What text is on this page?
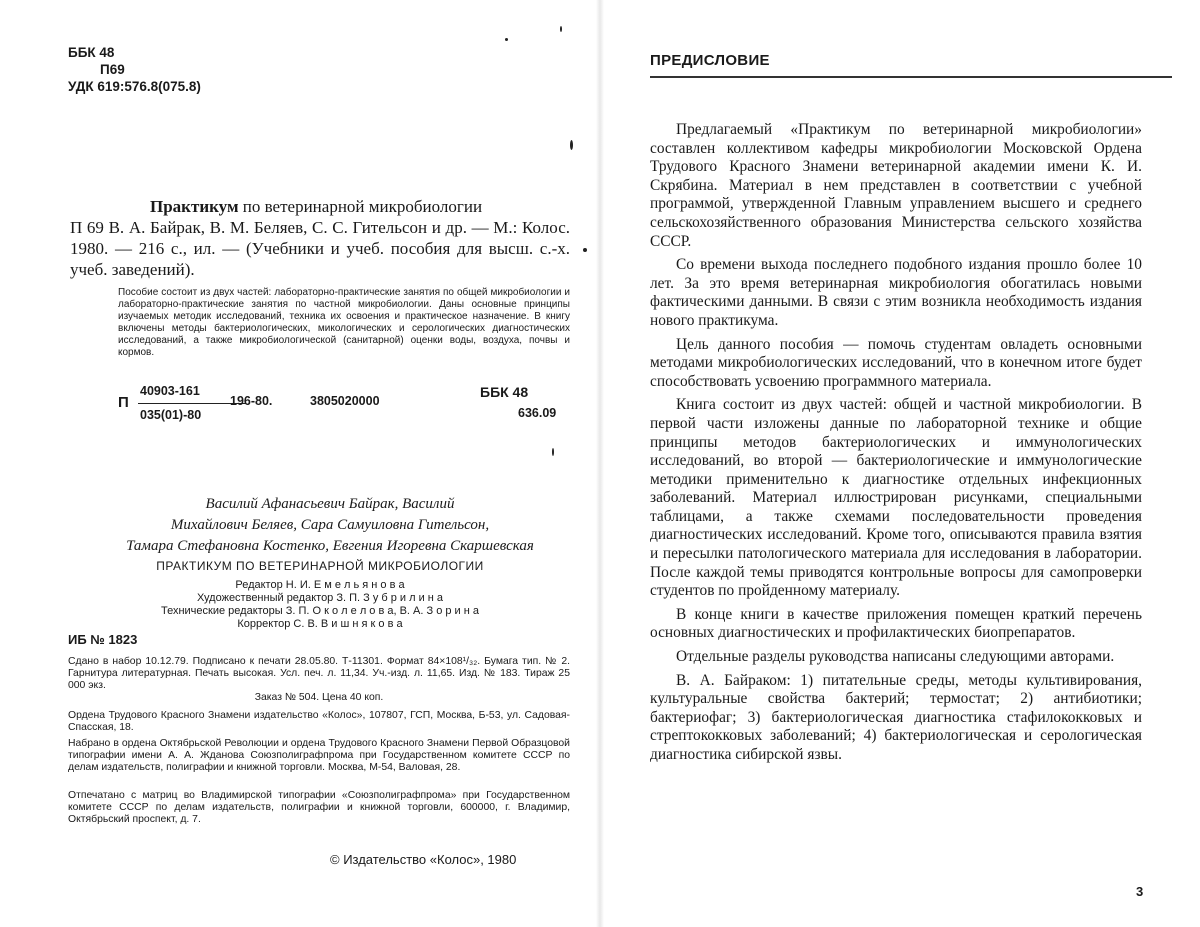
ББК 48
П69
УДК 619:576.8(075.8)
Практикум по ветеринарной микробиологии
П 69 В. А. Байрак, В. М. Беляев, С. С. Гительсон и др. — М.: Колос. 1980. — 216 с., ил. — (Учебники и учеб. пособия для высш. с.-х. учеб. заведений).
Пособие состоит из двух частей: лабораторно-практические занятия по общей микробиологии и лабораторно-практические занятия по частной микробиологии. Даны основные принципы изучаемых методик исследований, техника их освоения и практическое назначение. В книгу включены методы бактериологических, микологических и серологических диагностических исследований, а также микробиологической (санитарной) оценки воды, воздуха, почвы и кормов.
П
40903-161
035(01)-80
196-80.	3805020000
ББК 48
636.09
Василий Афанасьевич Байрак, Василий
Михайлович Беляев, Сара Самуиловна Гительсон,
Тамара Стефановна Костенко, Евгения Игоревна Скаршевская
ПРАКТИКУМ ПО ВЕТЕРИНАРНОЙ МИКРОБИОЛОГИИ
Редактор Н. И. Е м е л ь я н о в а
Художественный редактор З. П. З у б р и л и н а
Технические редакторы З. П. О к о л е л о в а, В. А. З о р и н а
Корректор С. В. В и ш н я к о в а
ИБ № 1823
Сдано в набор 10.12.79. Подписано к печати 28.05.80. Т-11301. Формат 84×108¹/₃₂. Бумага тип. № 2. Гарнитура литературная. Печать высокая. Усл. печ. л. 11,34. Уч.-изд. л. 11,65. Изд. № 183. Тираж 25 000 экз.
Заказ № 504. Цена 40 коп.
Ордена Трудового Красного Знамени издательство «Колос», 107807, ГСП, Москва, Б-53, ул. Садовая-Спасская, 18.
Набрано в ордена Октябрьской Революции и ордена Трудового Красного Знамени Первой Образцовой типографии имени А. А. Жданова Союзполиграфпрома при Государственном комитете СССР по делам издательств, полиграфии и книжной торговли. Москва, М-54, Валовая, 28.
Отпечатано с матриц во Владимирской типографии «Союзполиграфпрома» при Государственном комитете СССР по делам издательств, полиграфии и книжной торговли, 600000, г. Владимир, Октябрьский проспект, д. 7.
© Издательство «Колос», 1980
ПРЕДИСЛОВИЕ

Предлагаемый «Практикум по ветеринарной микробиологии» составлен коллективом кафедры микробиологии Московской Ордена Трудового Красного Знамени ветеринарной академии имени К. И. Скрябина. Материал в нем представлен в соответствии с учебной программой, утвержденной Главным управлением высшего и среднего сельскохозяйственного образования Министерства сельского хозяйства СССР.

Со времени выхода последнего подобного издания прошло более 10 лет. За это время ветеринарная микробиология обогатилась новыми фактическими данными. В связи с этим возникла необходимость издания нового практикума.

Цель данного пособия — помочь студентам овладеть основными методами микробиологических исследований, что в конечном итоге будет способствовать усвоению программного материала.

Книга состоит из двух частей: общей и частной микробиологии. В первой части изложены данные по лабораторной технике и общие принципы методов бактериологических и иммунологических исследований, во второй — бактериологические и иммунологические методики применительно к диагностике отдельных инфекционных заболеваний. Материал иллюстрирован рисунками, специальными таблицами, а также схемами последовательности проведения диагностических исследований. Кроме того, описываются правила взятия и пересылки патологического материала для исследования в лаборатории. После каждой темы приводятся контрольные вопросы для самопроверки студентов по пройденному материалу.

В конце книги в качестве приложения помещен краткий перечень основных диагностических и профилактических биопрепаратов.

Отдельные разделы руководства написаны следующими авторами.

В. А. Байраком: 1) питательные среды, методы культивирования, культуральные свойства бактерий; термостат; 2) антибиотики; бактериофаг; 3) бактериологическая диагностика стафилококковых и стрептококковых заболеваний; 4) бактериологическая и серологическая диагностика сибирской язвы.

3
